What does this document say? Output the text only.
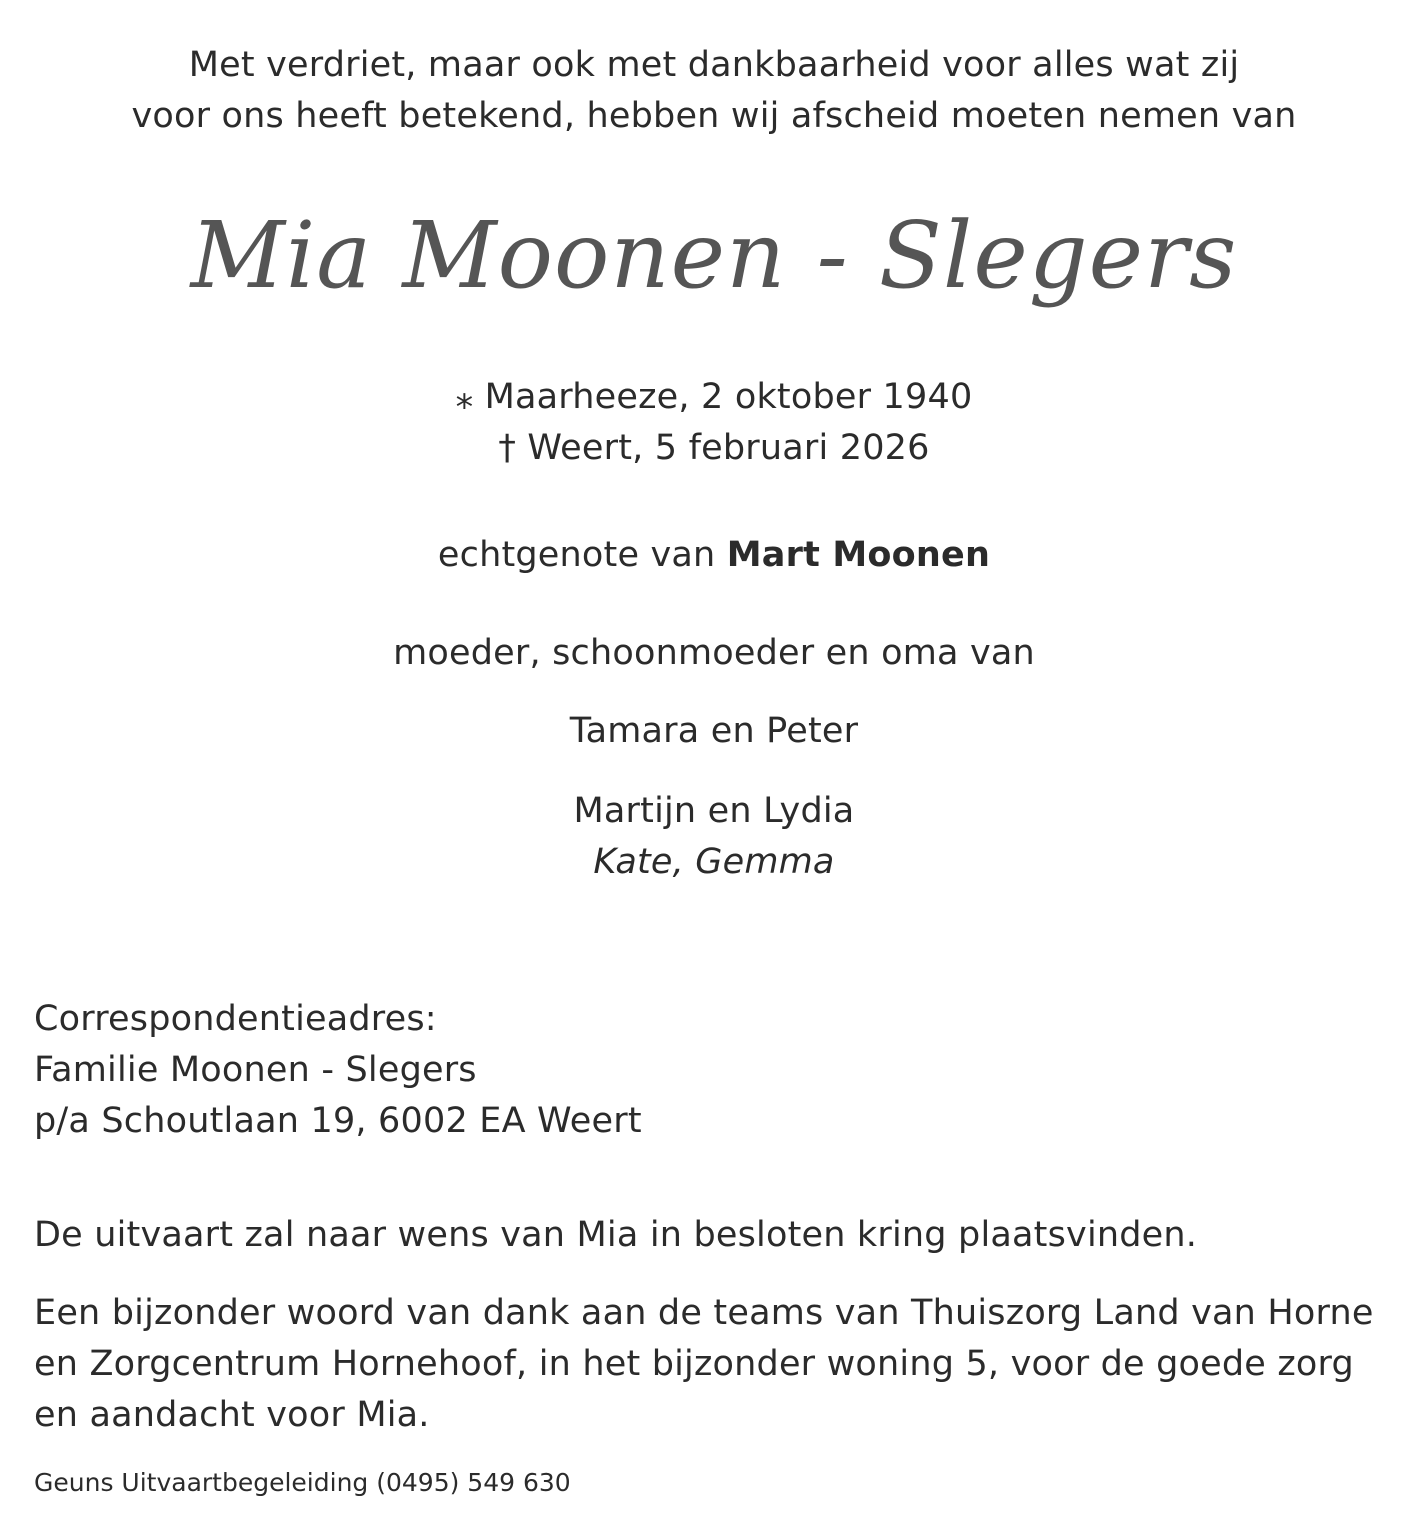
Met verdriet, maar ook met dankbaarheid voor alles wat zij
voor ons heeft betekend, hebben wij afscheid moeten nemen van
Mia Moonen - Slegers
⁎ Maarheeze, 2 oktober 1940
† Weert, 5 februari 2026
echtgenote van Mart Moonen
moeder, schoonmoeder en oma van
Tamara en Peter
Martijn en Lydia
Kate, Gemma
Correspondentieadres:
Familie Moonen - Slegers
p/a Schoutlaan 19, 6002 EA Weert
De uitvaart zal naar wens van Mia in besloten kring plaatsvinden.
Een bijzonder woord van dank aan de teams van Thuiszorg Land van Horne
en Zorgcentrum Hornehoof, in het bijzonder woning 5, voor de goede zorg
en aandacht voor Mia.
Geuns Uitvaartbegeleiding (0495) 549 630
